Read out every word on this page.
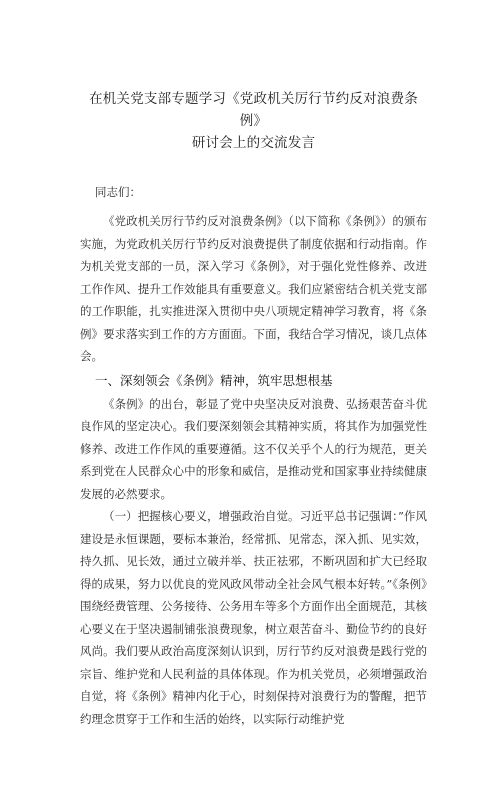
在机关党支部专题学习《党政机关厉行节约反对浪费条例》
研讨会上的交流发言
同志们：

《党政机关厉行节约反对浪费条例》（以下简称《条例》）的颁布实施，为党政机关厉行节约反对浪费提供了制度依据和行动指南。作为机关党支部的一员，深入学习《条例》，对于强化党性修养、改进工作作风、提升工作效能具有重要意义。我们应紧密结合机关党支部的工作职能，扎实推进深入贯彻中央八项规定精神学习教育，将《条例》要求落实到工作的方方面面。下面，我结合学习情况，谈几点体会。

一、深刻领会《条例》精神，筑牢思想根基

《条例》的出台，彰显了党中央坚决反对浪费、弘扬艰苦奋斗优良作风的坚定决心。我们要深刻领会其精神实质，将其作为加强党性修养、改进工作作风的重要遵循。这不仅关乎个人的行为规范，更关系到党在人民群众心中的形象和威信，是推动党和国家事业持续健康发展的必然要求。

（一）把握核心要义，增强政治自觉。习近平总书记强调：”作风建设是永恒课题，要标本兼治，经常抓、见常态，深入抓、见实效，持久抓、见长效，通过立破并举、扶正祛邪，不断巩固和扩大已经取得的成果，努力以优良的党风政风带动全社会风气根本好转。”《条例》围绕经费管理、公务接待、公务用车等多个方面作出全面规范，其核心要义在于坚决遏制铺张浪费现象，树立艰苦奋斗、勤俭节约的良好风尚。我们要从政治高度深刻认识到，厉行节约反对浪费是践行党的宗旨、维护党和人民利益的具体体现。作为机关党员，必须增强政治自觉，将《条例》精神内化于心，时刻保持对浪费行为的警醒，把节约理念贯穿于工作和生活的始终，以实际行动维护党
